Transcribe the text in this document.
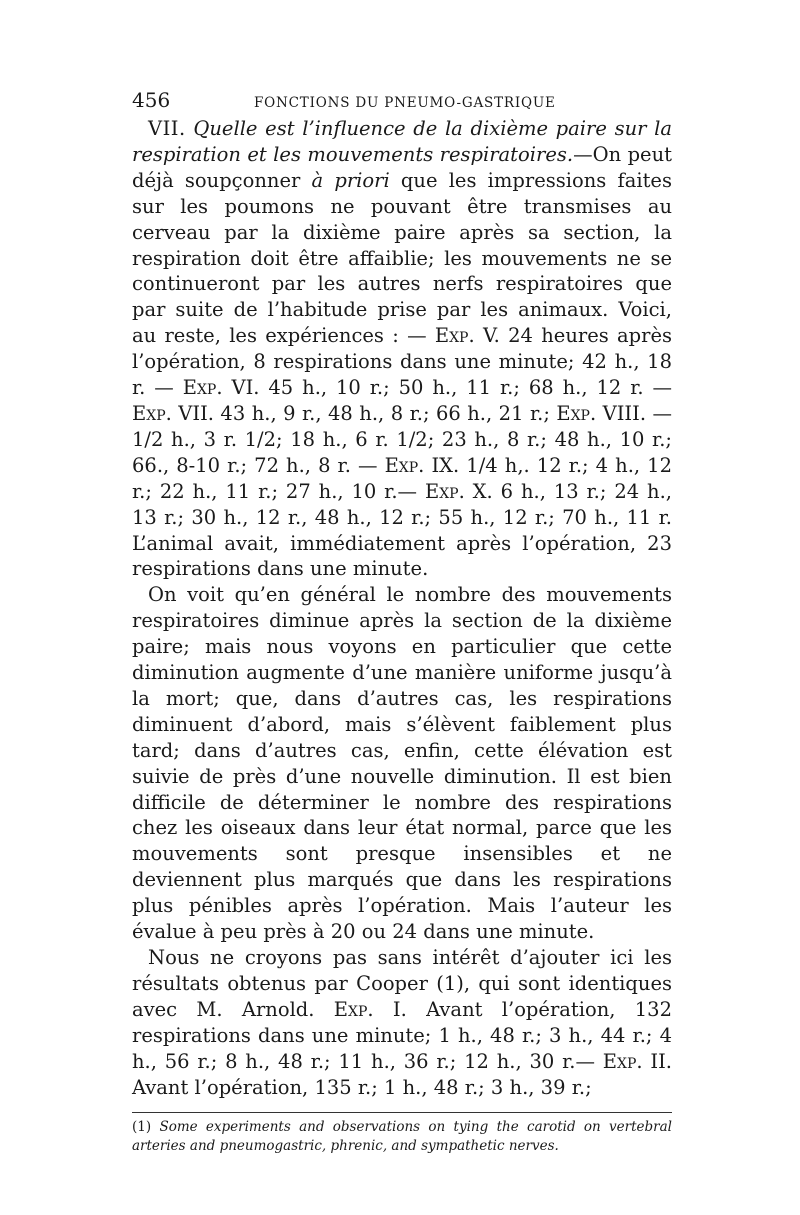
456	FONCTIONS DU PNEUMO-GASTRIQUE

VII. Quelle est l’influence de la dixième paire sur la respiration et les mouvements respiratoires.—On peut déjà soupçonner à priori que les impressions faites sur les poumons ne pouvant être transmises au cerveau par la dixième paire après sa section, la respiration doit être affaiblie; les mouvements ne se continueront par les autres nerfs respiratoires que par suite de l’habitude prise par les animaux. Voici, au reste, les expériences : — Exp. V. 24 heures après l’opération, 8 respirations dans une minute; 42 h., 18 r. — Exp. VI. 45 h., 10 r.; 50 h., 11 r.; 68 h., 12 r. — Exp. VII. 43 h., 9 r., 48 h., 8 r.; 66 h., 21 r.; Exp. VIII. — 1/2 h., 3 r. 1/2; 18 h., 6 r. 1/2; 23 h., 8 r.; 48 h., 10 r.; 66., 8-10 r.; 72 h., 8 r. — Exp. IX. 1/4 h,. 12 r.; 4 h., 12 r.; 22 h., 11 r.; 27 h., 10 r.— Exp. X. 6 h., 13 r.; 24 h., 13 r.; 30 h., 12 r., 48 h., 12 r.; 55 h., 12 r.; 70 h., 11 r. L’animal avait, immédiatement après l’opération, 23 respirations dans une minute.

On voit qu’en général le nombre des mouvements respiratoires diminue après la section de la dixième paire; mais nous voyons en particulier que cette diminution augmente d’une manière uniforme jusqu’à la mort; que, dans d’autres cas, les respirations diminuent d’abord, mais s’élèvent faiblement plus tard; dans d’autres cas, enfin, cette élévation est suivie de près d’une nouvelle diminution. Il est bien difficile de déterminer le nombre des respirations chez les oiseaux dans leur état normal, parce que les mouvements sont presque insensibles et ne deviennent plus marqués que dans les respirations plus pénibles après l’opération. Mais l’auteur les évalue à peu près à 20 ou 24 dans une minute.

Nous ne croyons pas sans intérêt d’ajouter ici les résultats obtenus par Cooper (1), qui sont identiques avec M. Arnold. Exp. I. Avant l’opération, 132 respirations dans une minute; 1 h., 48 r.; 3 h., 44 r.; 4 h., 56 r.; 8 h., 48 r.; 11 h., 36 r.; 12 h., 30 r.— Exp. II. Avant l’opération, 135 r.; 1 h., 48 r.; 3 h., 39 r.;

(1) Some experiments and observations on tying the carotid on vertebral arteries and pneumogastric, phrenic, and sympathetic nerves.
